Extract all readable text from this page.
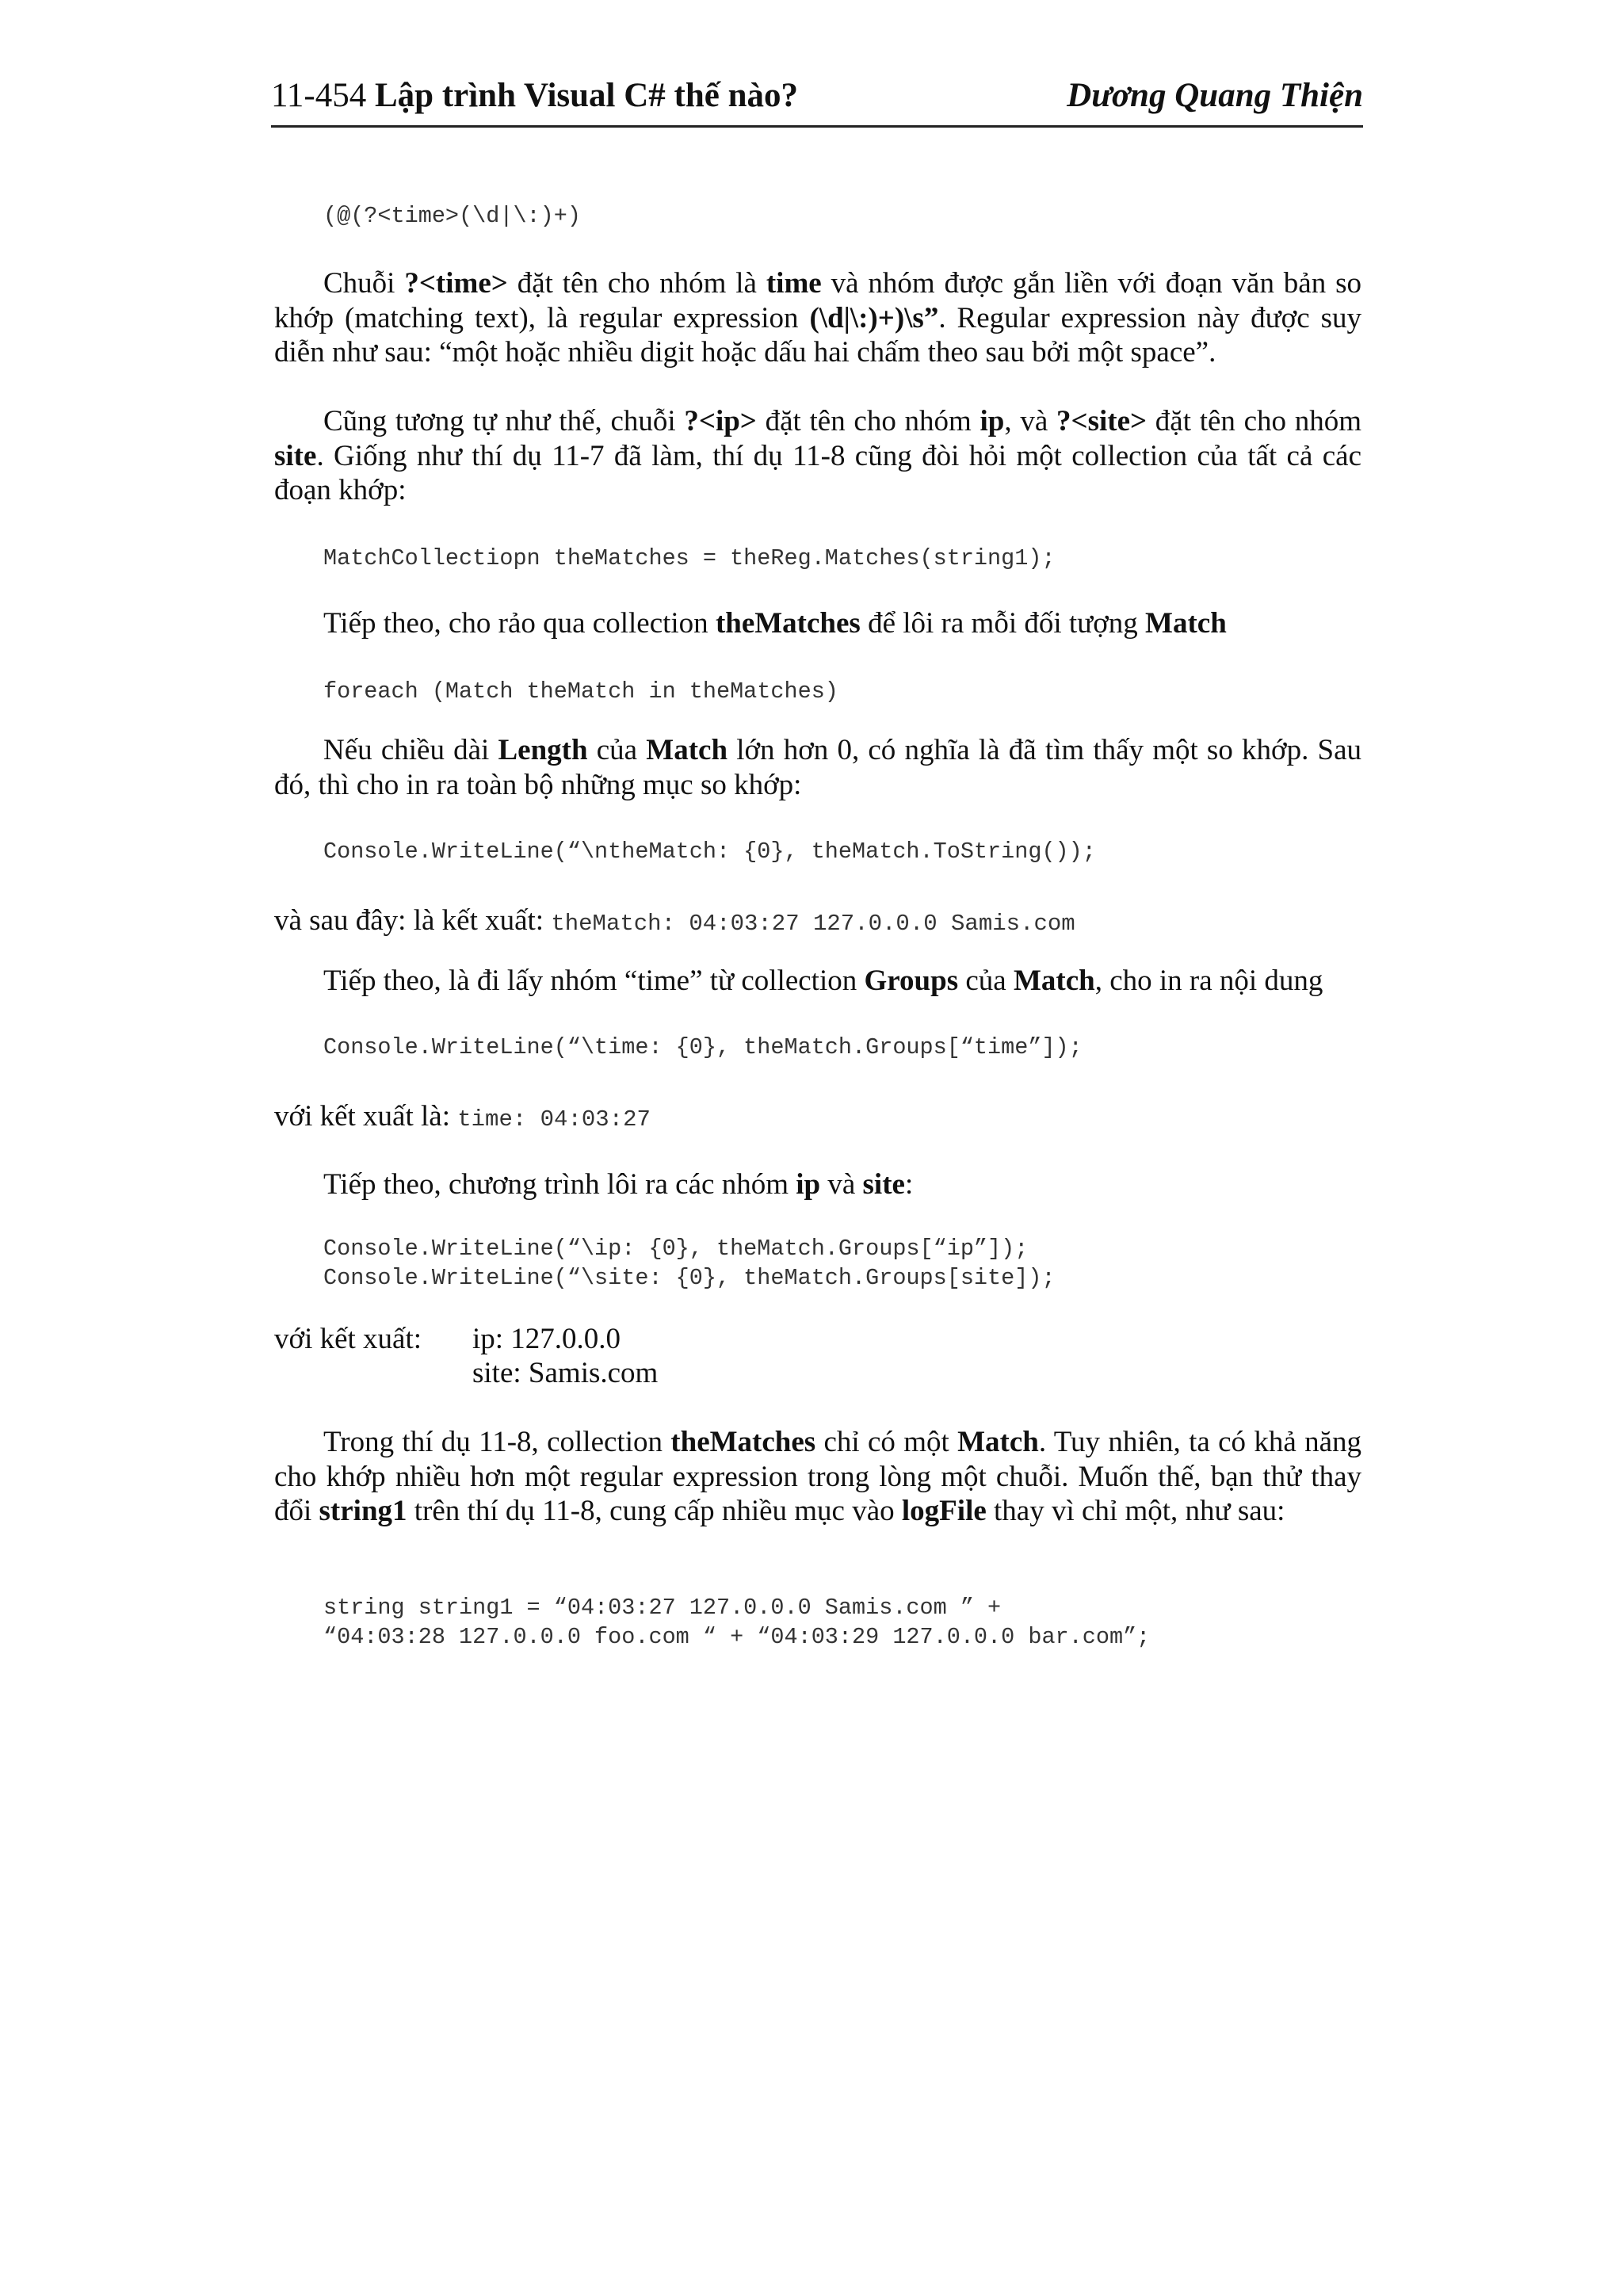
11-454 Lập trình Visual C# thế nào?	Dương Quang Thiện
(@(?<time>(\d|\:)+)
Chuỗi ?<time> đặt tên cho nhóm là time và nhóm được gắn liền với đoạn văn bản so khớp (matching text), là regular expression (\d|\:)+)\s”. Regular expression này được suy diễn như sau: “một hoặc nhiều digit hoặc dấu hai chấm theo sau bởi một space”.
Cũng tương tự như thế, chuỗi ?<ip> đặt tên cho nhóm ip, và ?<site> đặt tên cho nhóm site. Giống như thí dụ 11-7 đã làm, thí dụ 11-8 cũng đòi hỏi một collection của tất cả các đoạn khớp:
MatchCollectiopn theMatches = theReg.Matches(string1);
Tiếp theo, cho rảo qua collection theMatches để lôi ra mỗi đối tượng Match
foreach (Match theMatch in theMatches)
Nếu chiều dài Length của Match lớn hơn 0, có nghĩa là đã tìm thấy một so khớp. Sau đó, thì cho in ra toàn bộ những mục so khớp:
Console.WriteLine(“\ntheMatch: {0}, theMatch.ToString());
và sau đây: là kết xuất: theMatch: 04:03:27 127.0.0.0 Samis.com
Tiếp theo, là đi lấy nhóm “time” từ collection Groups của Match, cho in ra nội dung
Console.WriteLine(“\time: {0}, theMatch.Groups[“time”]);
với kết xuất là: time: 04:03:27
Tiếp theo, chương trình lôi ra các nhóm ip và site:
Console.WriteLine(“\ip: {0}, theMatch.Groups[“ip”]);
Console.WriteLine(“\site: {0}, theMatch.Groups[site]);
với kết xuất: ip: 127.0.0.0
site: Samis.com
Trong thí dụ 11-8, collection theMatches chỉ có một Match. Tuy nhiên, ta có khả năng cho khớp nhiều hơn một regular expression trong lòng một chuỗi. Muốn thế, bạn thử thay đổi string1 trên thí dụ 11-8, cung cấp nhiều mục vào logFile thay vì chỉ một, như sau:
string string1 = “04:03:27 127.0.0.0 Samis.com ” +
“04:03:28 127.0.0.0 foo.com “ + “04:03:29 127.0.0.0 bar.com”;
